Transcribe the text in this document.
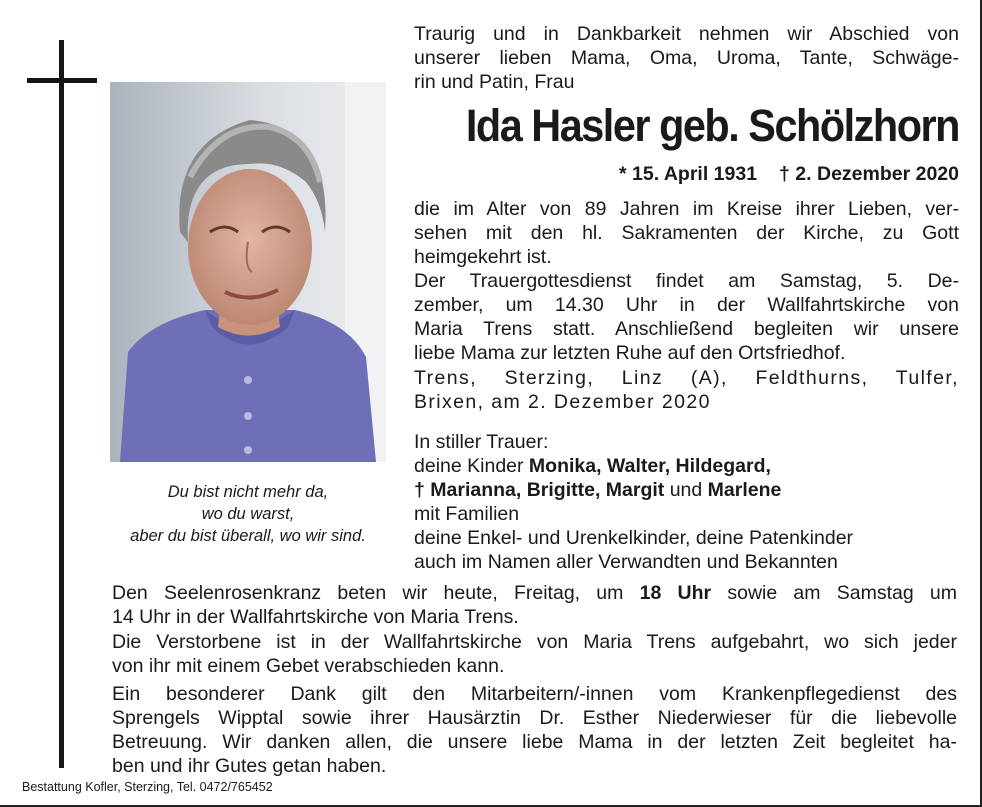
Du bist nicht mehr da,
wo du warst,
aber du bist überall, wo wir sind.
Traurig und in Dankbarkeit nehmen wir Abschied von
unserer lieben Mama, Oma, Uroma, Tante, Schwäge-
rin und Patin, Frau
Ida Hasler geb. Schölzhorn
* 15. April 1931 † 2. Dezember 2020
die im Alter von 89 Jahren im Kreise ihrer Lieben, ver-
sehen mit den hl. Sakramenten der Kirche, zu Gott
heimgekehrt ist.
Der Trauergottesdienst findet am Samstag, 5. De-
zember, um 14.30 Uhr in der Wallfahrtskirche von
Maria Trens statt. Anschließend begleiten wir unsere
liebe Mama zur letzten Ruhe auf den Ortsfriedhof.
Trens, Sterzing, Linz (A), Feldthurns, Tulfer,
Brixen, am 2. Dezember 2020
In stiller Trauer:
deine Kinder Monika, Walter, Hildegard,
† Marianna, Brigitte, Margit und Marlene
mit Familien
deine Enkel- und Urenkelkinder, deine Patenkinder
auch im Namen aller Verwandten und Bekannten
Den Seelenrosenkranz beten wir heute, Freitag, um 18 Uhr sowie am Samstag um
14 Uhr in der Wallfahrtskirche von Maria Trens.
Die Verstorbene ist in der Wallfahrtskirche von Maria Trens aufgebahrt, wo sich jeder
von ihr mit einem Gebet verabschieden kann.
Ein besonderer Dank gilt den Mitarbeitern/-innen vom Krankenpflegedienst des
Sprengels Wipptal sowie ihrer Hausärztin Dr. Esther Niederwieser für die liebevolle
Betreuung. Wir danken allen, die unsere liebe Mama in der letzten Zeit begleitet ha-
ben und ihr Gutes getan haben.
Bestattung Kofler, Sterzing, Tel. 0472/765452
